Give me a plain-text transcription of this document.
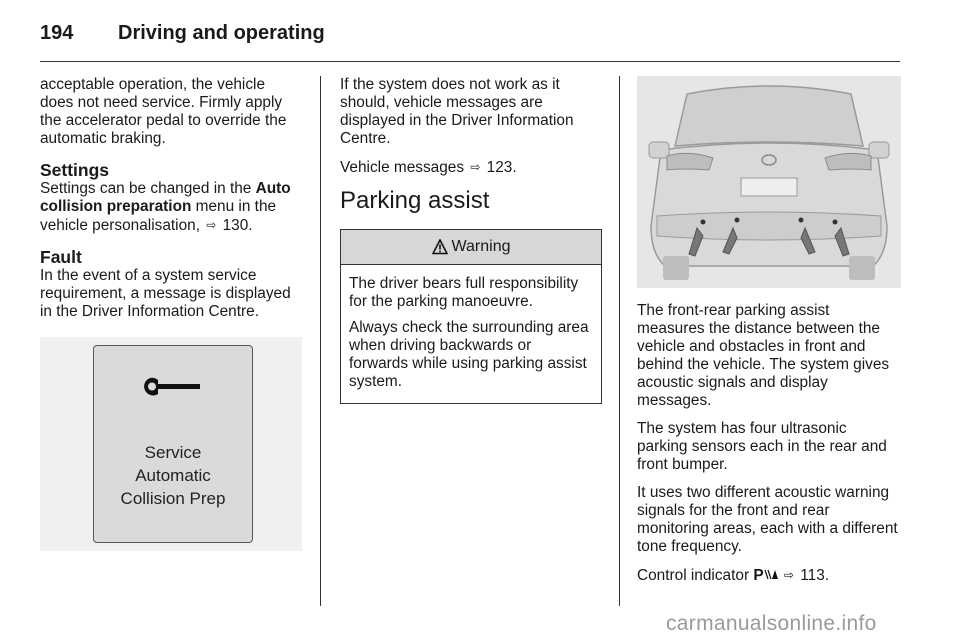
194 Driving and operating

acceptable operation, the vehicle does not need service. Firmly apply the accelerator pedal to override the automatic braking.

Settings

Settings can be changed in the Auto collision preparation menu in the vehicle personalisation, ⇨ 130.

Fault

In the event of a system service requirement, a message is displayed in the Driver Information Centre.

Service
Automatic
Collision Prep

If the system does not work as it should, vehicle messages are displayed in the Driver Information Centre.

Vehicle messages ⇨ 123.

Parking assist
Warning

The driver bears full responsibility for the parking manoeuvre.

Always check the surrounding area when driving backwards or forwards while using parking assist system.

The front-rear parking assist measures the distance between the vehicle and obstacles in front and behind the vehicle. The system gives acoustic signals and display messages.

The system has four ultrasonic parking sensors each in the rear and front bumper.

It uses two different acoustic warning signals for the front and rear monitoring areas, each with a different tone frequency.

Control indicator P ⇨ 113.

carmanualsonline.info
